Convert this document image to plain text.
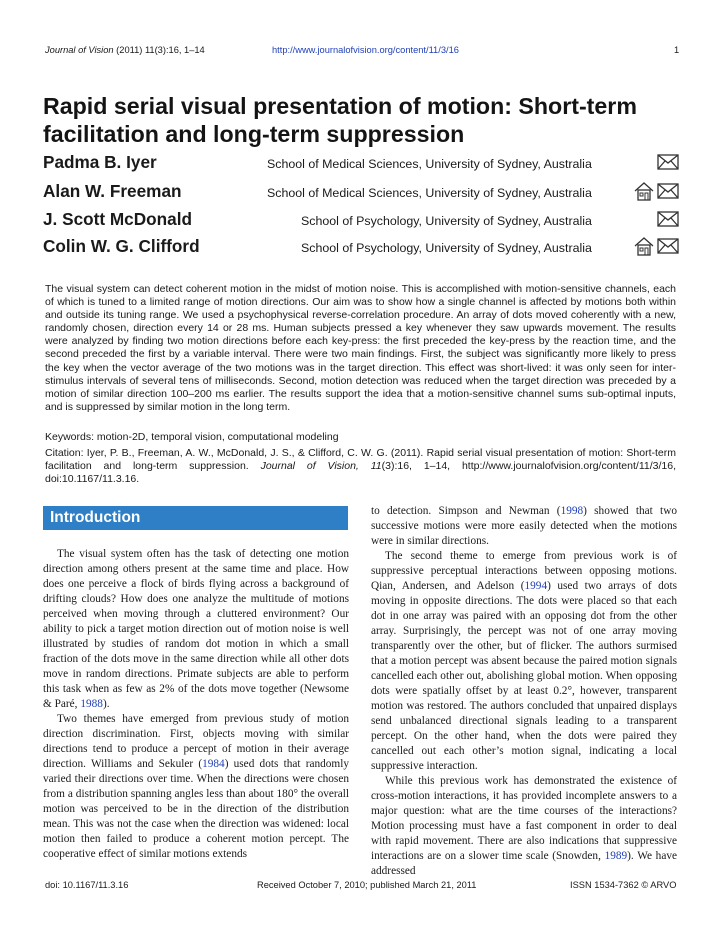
Journal of Vision (2011) 11(3):16, 1–14	http://www.journalofvision.org/content/11/3/16	1
Rapid serial visual presentation of motion: Short-term facilitation and long-term suppression
Padma B. Iyer	School of Medical Sciences, University of Sydney, Australia
Alan W. Freeman	School of Medical Sciences, University of Sydney, Australia
J. Scott McDonald	School of Psychology, University of Sydney, Australia
Colin W. G. Clifford	School of Psychology, University of Sydney, Australia

The visual system can detect coherent motion in the midst of motion noise. This is accomplished with motion-sensitive channels, each of which is tuned to a limited range of motion directions. Our aim was to show how a single channel is affected by motions both within and outside its tuning range. We used a psychophysical reverse-correlation procedure. An array of dots moved coherently with a new, randomly chosen, direction every 14 or 28 ms. Human subjects pressed a key whenever they saw upwards movement. The results were analyzed by finding two motion directions before each key-press: the first preceded the key-press by the reaction time, and the second preceded the first by a variable interval. There were two main findings. First, the subject was significantly more likely to press the key when the vector average of the two motions was in the target direction. This effect was short-lived: it was only seen for inter-stimulus intervals of several tens of milliseconds. Second, motion detection was reduced when the target direction was preceded by a motion of similar direction 100–200 ms earlier. The results support the idea that a motion-sensitive channel sums sub-optimal inputs, and is suppressed by similar motion in the long term.

Keywords: motion-2D, temporal vision, computational modeling

Citation: Iyer, P. B., Freeman, A. W., McDonald, J. S., & Clifford, C. W. G. (2011). Rapid serial visual presentation of motion: Short-term facilitation and long-term suppression. Journal of Vision, 11(3):16, 1–14, http://www.journalofvision.org/content/11/3/16, doi:10.1167/11.3.16.

Introduction

The visual system often has the task of detecting one motion direction among others present at the same time and place. How does one perceive a flock of birds flying across a background of drifting clouds? How does one analyze the multitude of motions perceived when moving through a cluttered environment? Our ability to pick a target motion direction out of motion noise is well illustrated by studies of random dot motion in which a small fraction of the dots move in the same direction while all other dots move in random directions. Primate subjects are able to perform this task when as few as 2% of the dots move together (Newsome & Paré, 1988).

Two themes have emerged from previous study of motion direction discrimination. First, objects moving with similar directions tend to produce a percept of motion in their average direction. Williams and Sekuler (1984) used dots that randomly varied their directions over time. When the directions were chosen from a distribution spanning angles less than about 180° the overall motion was perceived to be in the direction of the distribution mean. This was not the case when the direction was widened: local motion then failed to produce a coherent motion percept. The cooperative effect of similar motions extends

to detection. Simpson and Newman (1998) showed that two successive motions were more easily detected when the motions were in similar directions.

The second theme to emerge from previous work is of suppressive perceptual interactions between opposing motions. Qian, Andersen, and Adelson (1994) used two arrays of dots moving in opposite directions. The dots were placed so that each dot in one array was paired with an opposing dot from the other array. Surprisingly, the percept was not of one array moving transparently over the other, but of flicker. The authors surmised that a motion percept was absent because the paired motion signals cancelled each other out, abolishing global motion. When opposing dots were spatially offset by at least 0.2°, however, transparent motion was restored. The authors concluded that unpaired displays send unbalanced directional signals leading to a transparent percept. On the other hand, when the dots were paired they cancelled out each other’s motion signal, indicating a local suppressive interaction.

While this previous work has demonstrated the existence of cross-motion interactions, it has provided incomplete answers to a major question: what are the time courses of the interactions? Motion processing must have a fast component in order to deal with rapid movement. There are also indications that suppressive interactions are on a slower time scale (Snowden, 1989). We have addressed

doi: 10.1167/11.3.16	Received October 7, 2010; published March 21, 2011	ISSN 1534-7362 © ARVO
